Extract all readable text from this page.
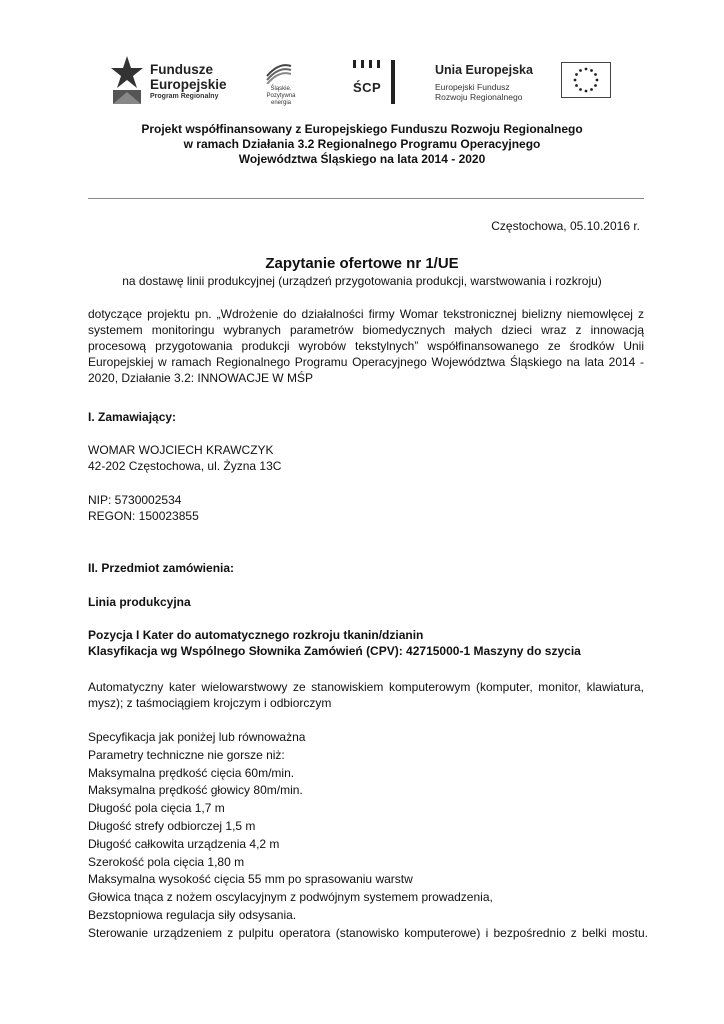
Fundusze
Europejskie
Program Regionalny
Śląskie.
Pozytywna energia
ŚCP
Unia Europejska
Europejski Fundusz
Rozwoju Regionalnego
Projekt współfinansowany z Europejskiego Funduszu Rozwoju Regionalnego
w ramach Działania 3.2 Regionalnego Programu Operacyjnego
Województwa Śląskiego na lata 2014 - 2020
Częstochowa, 05.10.2016 r.
Zapytanie ofertowe nr 1/UE
na dostawę linii produkcyjnej (urządzeń przygotowania produkcji, warstwowania i rozkroju)
dotyczące projektu pn. „Wdrożenie do działalności firmy Womar tekstronicznej bielizny niemowlęcej z systemem monitoringu wybranych parametrów biomedycznych małych dzieci wraz z innowacją procesową przygotowania produkcji wyrobów tekstylnych” współfinansowanego ze środków Unii Europejskiej w ramach Regionalnego Programu Operacyjnego Województwa Śląskiego na lata 2014 - 2020, Działanie 3.2: INNOWACJE W MŚP
I. Zamawiający:
WOMAR WOJCIECH KRAWCZYK
42-202 Częstochowa, ul. Żyzna 13C
NIP: 5730002534
REGON: 150023855
II. Przedmiot zamówienia:
Linia produkcyjna
Pozycja I Kater do automatycznego rozkroju tkanin/dzianin
Klasyfikacja wg Wspólnego Słownika Zamówień (CPV): 42715000-1 Maszyny do szycia
Automatyczny kater wielowarstwowy ze stanowiskiem komputerowym (komputer, monitor, klawiatura, mysz); z taśmociągiem krojczym i odbiorczym
Specyfikacja jak poniżej lub równoważna
Parametry techniczne nie gorsze niż:
Maksymalna prędkość cięcia 60m/min.
Maksymalna prędkość głowicy 80m/min.
Długość pola cięcia 1,7 m
Długość strefy odbiorczej 1,5 m
Długość całkowita urządzenia 4,2 m
Szerokość pola cięcia 1,80 m
Maksymalna wysokość cięcia 55 mm po sprasowaniu warstw
Głowica tnąca z nożem oscylacyjnym z podwójnym systemem prowadzenia,
Bezstopniowa regulacja siły odsysania.
Sterowanie urządzeniem z pulpitu operatora (stanowisko komputerowe) i bezpośrednio z belki mostu.
